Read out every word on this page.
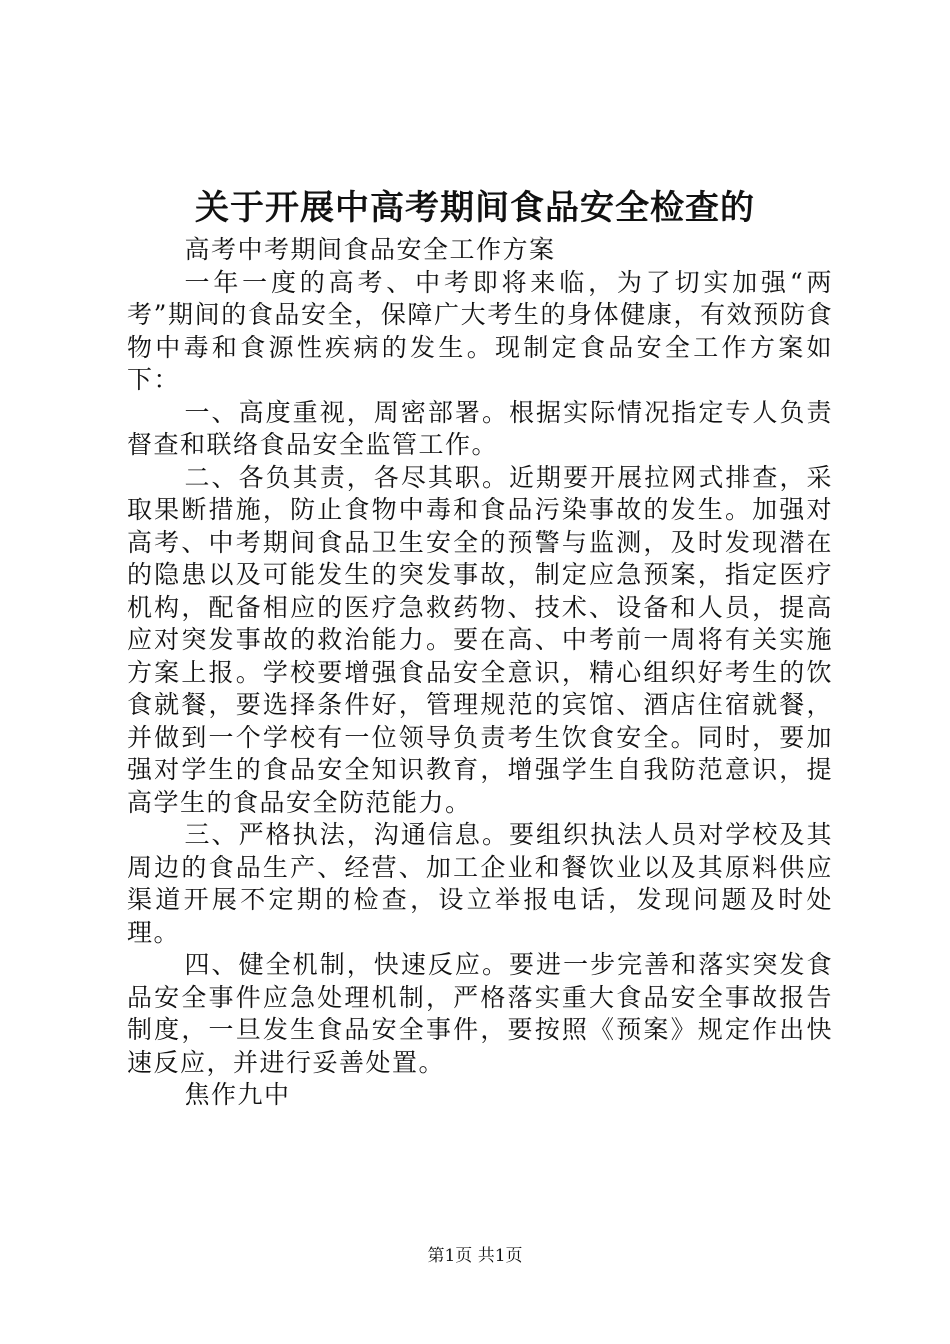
关于开展中高考期间食品安全检查的

高考中考期间食品安全工作方案

一年一度的高考、中考即将来临，为了切实加强“两考”期间的食品安全，保障广大考生的身体健康，有效预防食物中毒和食源性疾病的发生。现制定食品安全工作方案如下：

一、高度重视，周密部署。根据实际情况指定专人负责督查和联络食品安全监管工作。

二、各负其责，各尽其职。近期要开展拉网式排查，采取果断措施，防止食物中毒和食品污染事故的发生。加强对高考、中考期间食品卫生安全的预警与监测，及时发现潜在的隐患以及可能发生的突发事故，制定应急预案，指定医疗机构，配备相应的医疗急救药物、技术、设备和人员，提高应对突发事故的救治能力。要在高、中考前一周将有关实施方案上报。学校要增强食品安全意识，精心组织好考生的饮食就餐，要选择条件好，管理规范的宾馆、酒店住宿就餐，并做到一个学校有一位领导负责考生饮食安全。同时，要加强对学生的食品安全知识教育，增强学生自我防范意识，提高学生的食品安全防范能力。

三、严格执法，沟通信息。要组织执法人员对学校及其周边的食品生产、经营、加工企业和餐饮业以及其原料供应渠道开展不定期的检查，设立举报电话，发现问题及时处理。

四、健全机制，快速反应。要进一步完善和落实突发食品安全事件应急处理机制，严格落实重大食品安全事故报告制度，一旦发生食品安全事件，要按照《预案》规定作出快速反应，并进行妥善处置。

焦作九中

第1页 共1页
